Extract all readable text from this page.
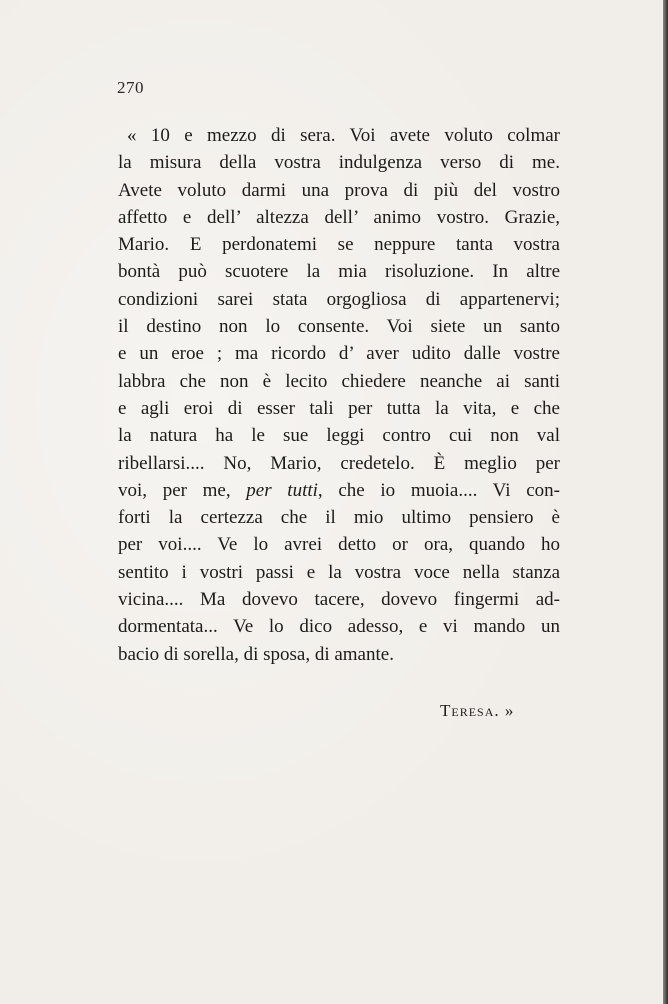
270
« 10 e mezzo di sera. Voi avete voluto colmar
la misura della vostra indulgenza verso di me.
Avete voluto darmi una prova di più del vostro
affetto e dell’ altezza dell’ animo vostro. Grazie,
Mario. E perdonatemi se neppure tanta vostra
bontà può scuotere la mia risoluzione. In altre
condizioni sarei stata orgogliosa di appartenervi;
il destino non lo consente. Voi siete un santo
e un eroe ; ma ricordo d’ aver udito dalle vostre
labbra che non è lecito chiedere neanche ai santi
e agli eroi di esser tali per tutta la vita, e che
la natura ha le sue leggi contro cui non val
ribellarsi.... No, Mario, credetelo. È meglio per
voi, per me, per tutti, che io muoia.... Vi con-
forti la certezza che il mio ultimo pensiero è
per voi.... Ve lo avrei detto or ora, quando ho
sentito i vostri passi e la vostra voce nella stanza
vicina.... Ma dovevo tacere, dovevo fingermi ad-
dormentata... Ve lo dico adesso, e vi mando un
bacio di sorella, di sposa, di amante.
Teresa. »
